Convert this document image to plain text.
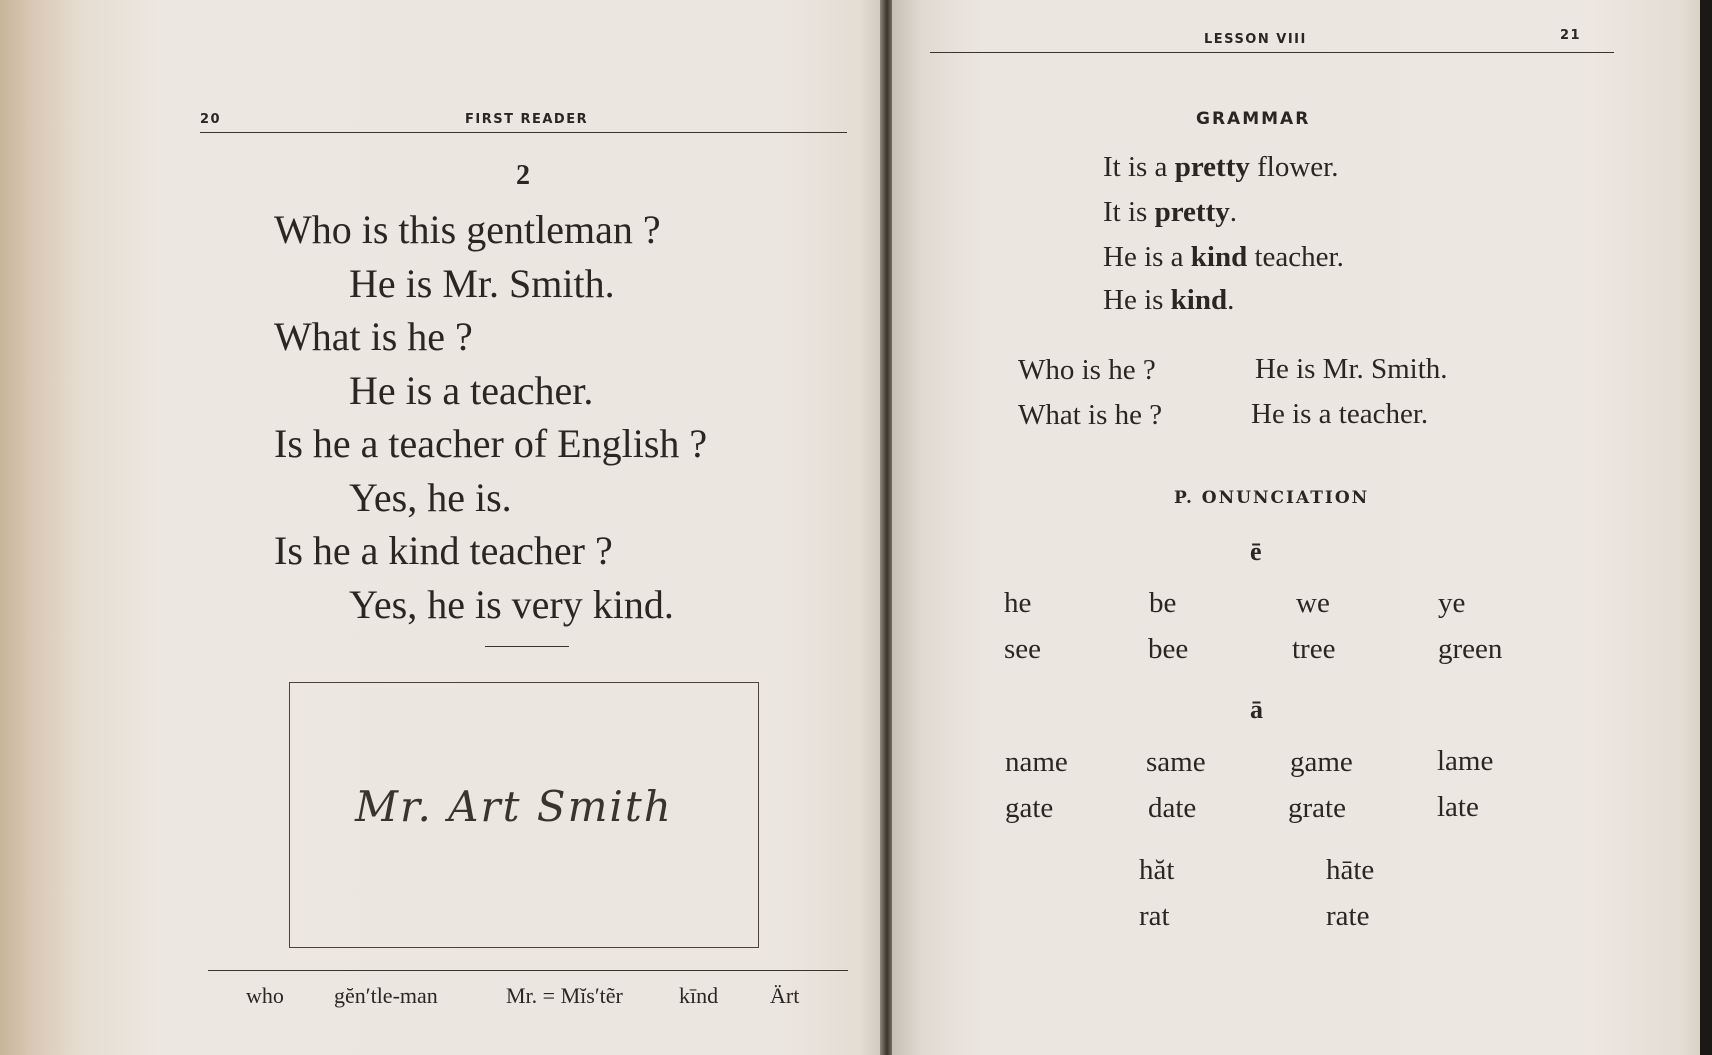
20	FIRST READER
2
Who is this gentleman ?
He is Mr. Smith.
What is he ?
He is a teacher.
Is he a teacher of English ?
Yes, he is.
Is he a kind teacher ?
Yes, he is very kind.
Mr. Art Smith
who gĕn′tle-man	Mr. = Mĭs′tẽr	kīnd Ärt
LESSON VIII	21
GRAMMAR
It is a pretty flower.
It is pretty.
He is a kind teacher.
He is kind.
Who is he ?	He is Mr. Smith.
What is he ?	He is a teacher.
P. ONUNCIATION
ē
he	be	we	ye
see	bee	tree	green
ā
name	same	game	lame
gate	date	grate	late
hăt	hāte
rat	rate
